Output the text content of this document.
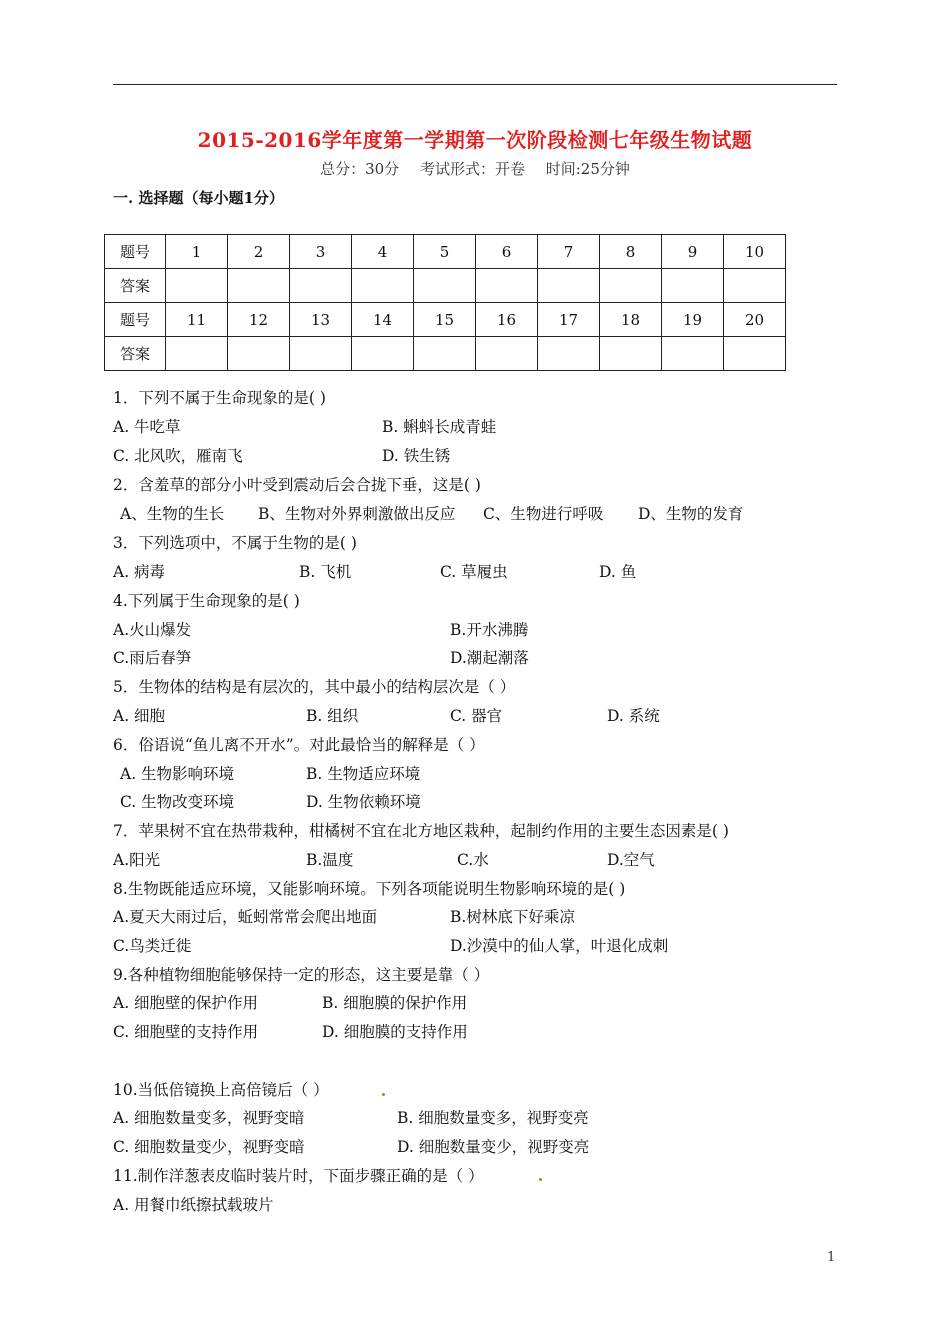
2015-2016学年度第一学期第一次阶段检测七年级生物试题
总分：30分 考试形式：开卷 时间:25分钟
一. 选择题（每小题1分）
题号	1	2	3	4	5	6	7	8	9	10
答案										
题号	11	12	13	14	15	16	17	18	19	20
答案										
1．下列不属于生命现象的是( )
A. 牛吃草	B. 蝌蚪长成青蛙
C. 北风吹，雁南飞	D. 铁生锈
2．含羞草的部分小叶受到震动后会合拢下垂，这是( )
A、生物的生长 B、生物对外界刺激做出反应 C、生物进行呼吸 D、生物的发育
3．下列选项中，不属于生物的是( )
A. 病毒	B. 飞机	C. 草履虫	D. 鱼
4.下列属于生命现象的是( )
A.火山爆发	B.开水沸腾
C.雨后春笋	D.潮起潮落
5．生物体的结构是有层次的，其中最小的结构层次是（ ）
A. 细胞	B. 组织	C. 器官	D. 系统
6．俗语说“鱼儿离不开水”。对此最恰当的解释是（ ）
A. 生物影响环境	B. 生物适应环境
C. 生物改变环境	D. 生物依赖环境
7．苹果树不宜在热带栽种，柑橘树不宜在北方地区栽种，起制约作用的主要生态因素是( )
A.阳光	B.温度	C.水	D.空气
8.生物既能适应环境，又能影响环境。下列各项能说明生物影响环境的是( )
A.夏天大雨过后，蚯蚓常常会爬出地面	B.树林底下好乘凉
C.鸟类迁徙	D.沙漠中的仙人掌，叶退化成刺
9.各种植物细胞能够保持一定的形态，这主要是靠（ ）
A. 细胞壁的保护作用	B. 细胞膜的保护作用
C. 细胞壁的支持作用	D. 细胞膜的支持作用
10.当低倍镜换上高倍镜后（ ）
A. 细胞数量变多，视野变暗	B. 细胞数量变多，视野变亮
C. 细胞数量变少，视野变暗	D. 细胞数量变少，视野变亮
11.制作洋葱表皮临时装片时，下面步骤正确的是（ ）
A. 用餐巾纸擦拭载玻片
1
